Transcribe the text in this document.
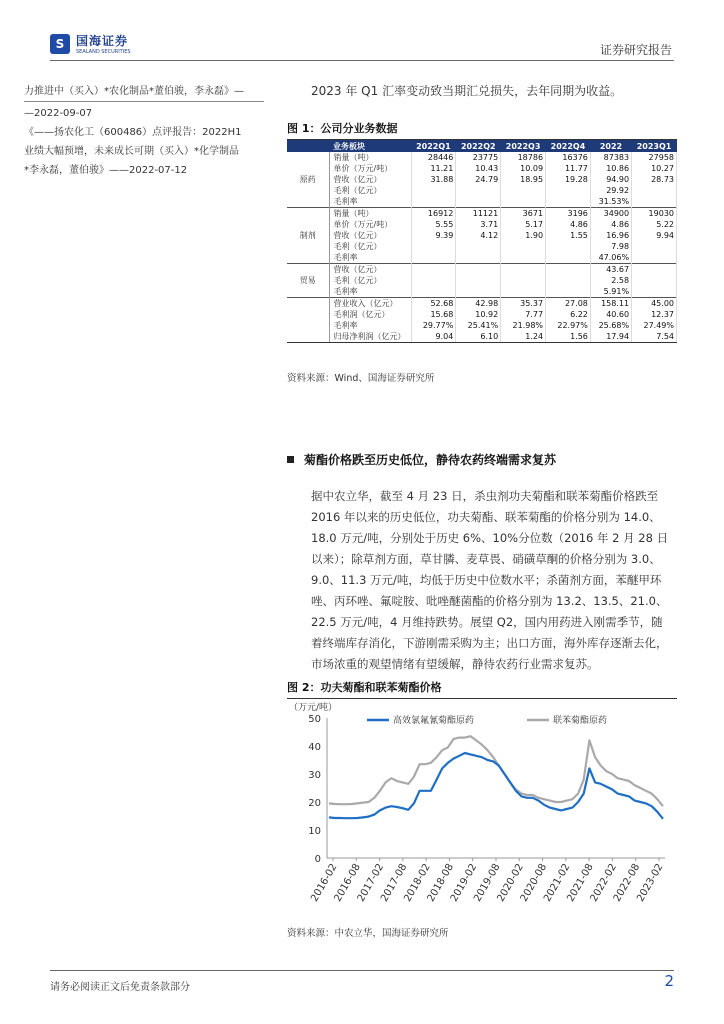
S 国海证券
SEALAND SECURITIES	证券研究报告

力推进中（买入）*农化制品*董伯骏，李永磊》—

—2022-09-07

《——扬农化工（600486）点评报告：2022H1

业绩大幅预增，未来成长可期（买入）*化学制品

*李永磊，董伯骏》——2022-07-12

2023 年 Q1 汇率变动致当期汇兑损失，去年同期为收益。
图 1：公司分业务数据
业务板块		2022Q1	2022Q2	2022Q3	2022Q4	2022	2023Q1
	销量（吨）	28446	23775	18786	16376	87383	27958
	单价（万元/吨）	11.21	10.43	10.09	11.77	10.86	10.27
原药	营收（亿元）	31.88	24.79	18.95	19.28	94.90	28.73
	毛利（亿元）					29.92	
	毛利率					31.53%	
	销量（吨）	16912	11121	3671	3196	34900	19030
	单价（万元/吨）	5.55	3.71	5.17	4.86	4.86	5.22
制剂	营收（亿元）	9.39	4.12	1.90	1.55	16.96	9.94
	毛利（亿元）					7.98	
	毛利率					47.06%	
	营收（亿元）					43.67	
贸易	毛利（亿元）					2.58	
	毛利率					5.91%	
	营业收入（亿元）	52.68	42.98	35.37	27.08	158.11	45.00
	毛利润（亿元）	15.68	10.92	7.77	6.22	40.60	12.37
	毛利率	29.77%	25.41%	21.98%	22.97%	25.68%	27.49%
	归母净利润（亿元）	9.04	6.10	1.24	1.56	17.94	7.54
资料来源：Wind、国海证券研究所
菊酯价格跌至历史低位，静待农药终端需求复苏
据中农立华，截至 4 月 23 日，杀虫剂功夫菊酯和联苯菊酯价格跌至
2016 年以来的历史低位，功夫菊酯、联苯菊酯的价格分别为 14.0、
18.0 万元/吨，分别处于历史 6%、10%分位数（2016 年 2 月 28 日
以来）；除草剂方面，草甘膦、麦草畏、硝磺草酮的价格分别为 3.0、
9.0、11.3 万元/吨，均低于历史中位数水平；杀菌剂方面，苯醚甲环
唑、丙环唑、氟啶胺、吡唑醚菌酯的价格分别为 13.2、13.5、21.0、
22.5 万元/吨，4 月维持跌势。展望 Q2，国内用药进入刚需季节，随
着终端库存消化，下游刚需采购为主；出口方面，海外库存逐渐去化，
市场浓重的观望情绪有望缓解，静待农药行业需求复苏。
图 2：功夫菊酯和联苯菊酯价格
（万元/吨）
0
10
20
30
40
50
2016-02
2016-08
2017-02
2017-08
2018-02
2018-08
2019-02
2019-08
2020-02
2020-08
2021-02
2021-08
2022-02
2022-08
2023-02
高效氯氟氰菊酯原药	联苯菊酯原药
资料来源：中农立华，国海证券研究所
请务必阅读正文后免责条款部分	2
